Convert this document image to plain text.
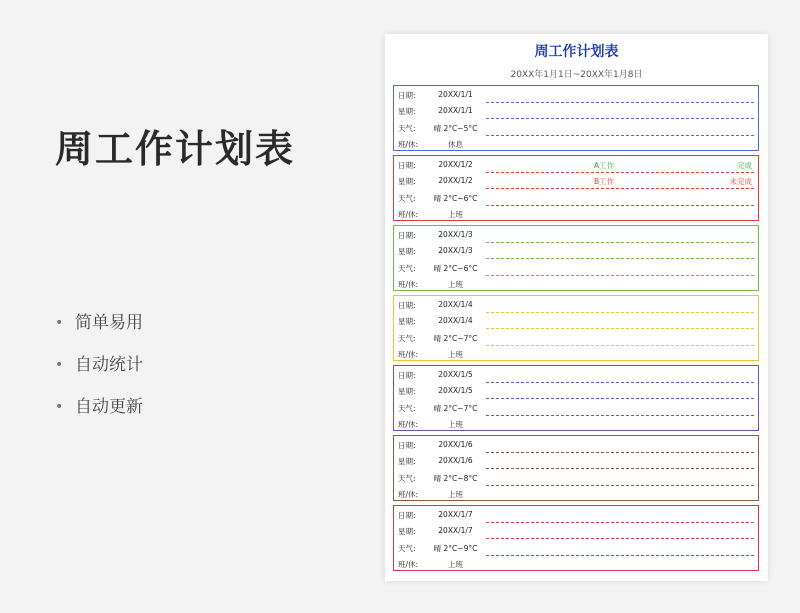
周工作计划表
• 简单易用
• 自动统计
• 自动更新
周工作计划表
20XX年1月1日~20XX年1月8日
日期:	20XX/1/1
星期:	20XX/1/1
天气:	晴 2°C~5°C
班/休:	休息
日期:	20XX/1/2	A工作	完成
星期:	20XX/1/2	B工作	未完成
天气:	晴 2°C~6°C
班/休:	上班
日期:	20XX/1/3
星期:	20XX/1/3
天气:	晴 2°C~6°C
班/休:	上班
日期:	20XX/1/4
星期:	20XX/1/4
天气:	晴 2°C~7°C
班/休:	上班
日期:	20XX/1/5
星期:	20XX/1/5
天气:	晴 2°C~7°C
班/休:	上班
日期:	20XX/1/6
星期:	20XX/1/6
天气:	晴 2°C~8°C
班/休:	上班
日期:	20XX/1/7
星期:	20XX/1/7
天气:	晴 2°C~9°C
班/休:	上班
